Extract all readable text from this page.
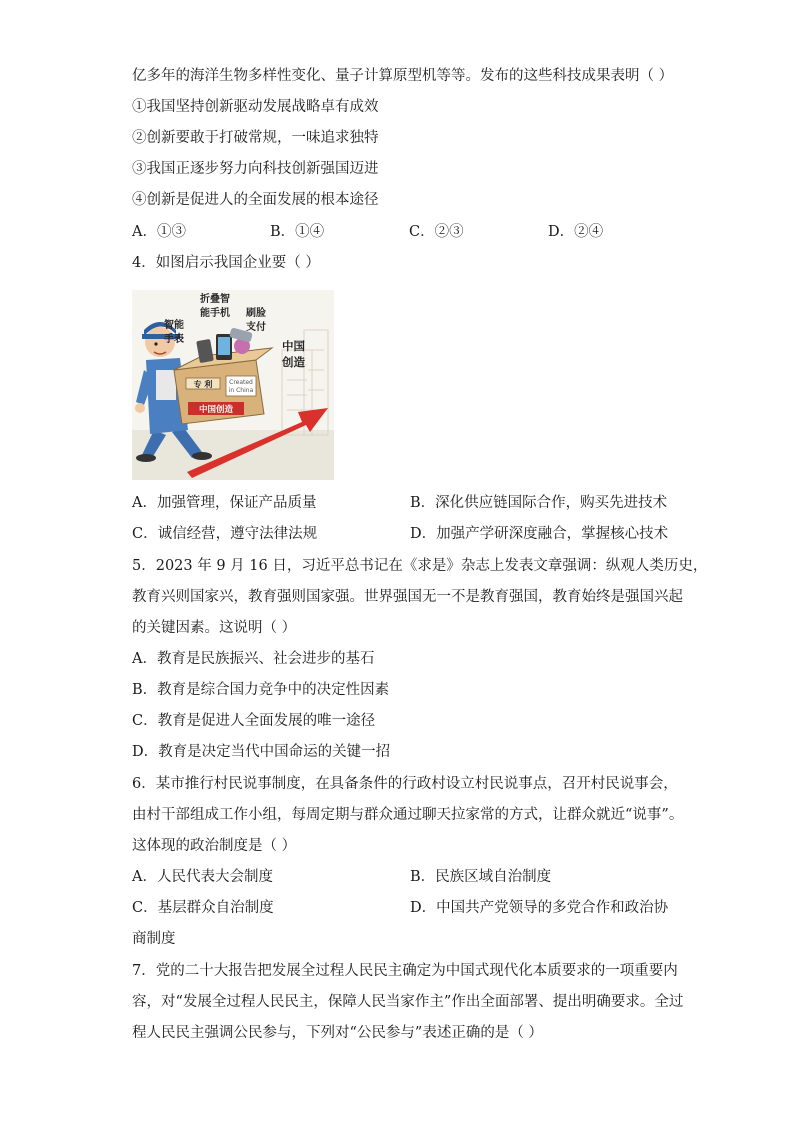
亿多年的海洋生物多样性变化、量子计算原型机等等。发布的这些科技成果表明（ ）
①我国坚持创新驱动发展战略卓有成效
②创新要敢于打破常规，一味追求独特
③我国正逐步努力向科技创新强国迈进
④创新是促进人的全面发展的根本途径
A．①③	B．①④	C．②③	D．②④
4．如图启示我国企业要（ ）
专 利	Created
in China
中国创造
智能
手表
折叠智
能手机 刷脸
支付
中国
创造
A．加强管理，保证产品质量	B．深化供应链国际合作，购买先进技术
C．诚信经营，遵守法律法规	D．加强产学研深度融合，掌握核心技术
5．2023 年 9 月 16 日，习近平总书记在《求是》杂志上发表文章强调：纵观人类历史，
教育兴则国家兴，教育强则国家强。世界强国无一不是教育强国，教育始终是强国兴起
的关键因素。这说明（ ）
A．教育是民族振兴、社会进步的基石
B．教育是综合国力竞争中的决定性因素
C．教育是促进人全面发展的唯一途径
D．教育是决定当代中国命运的关键一招
6．某市推行村民说事制度，在具备条件的行政村设立村民说事点，召开村民说事会，
由村干部组成工作小组，每周定期与群众通过聊天拉家常的方式，让群众就近“说事”。
这体现的政治制度是（ ）
A．人民代表大会制度	B．民族区域自治制度
C．基层群众自治制度	D．中国共产党领导的多党合作和政治协
商制度
7．党的二十大报告把发展全过程人民民主确定为中国式现代化本质要求的一项重要内
容，对“发展全过程人民民主，保障人民当家作主”作出全面部署、提出明确要求。全过
程人民民主强调公民参与，下列对“公民参与”表述正确的是（ ）
